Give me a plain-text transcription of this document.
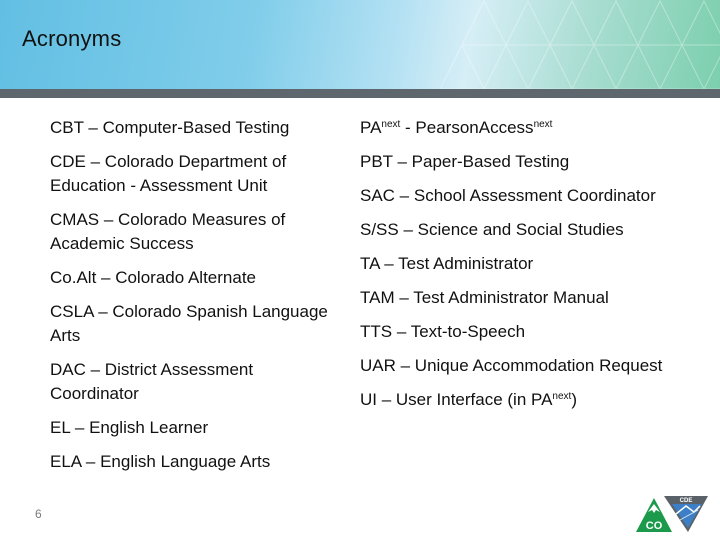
Acronyms
CBT – Computer-Based Testing
CDE – Colorado Department of Education - Assessment Unit
CMAS – Colorado Measures of Academic Success
Co.Alt – Colorado Alternate
CSLA – Colorado Spanish Language Arts
DAC – District Assessment Coordinator
EL – English Learner
ELA – English Language Arts
$PA^{next}$ - PearsonAccess$^{next}$
PBT – Paper-Based Testing
SAC – School Assessment Coordinator
S/SS – Science and Social Studies
TA – Test Administrator
TAM – Test Administrator Manual
TTS – Text-to-Speech
UAR – Unique Accommodation Request
UI – User Interface (in $PA^{next}$)
6
CO
CDE
